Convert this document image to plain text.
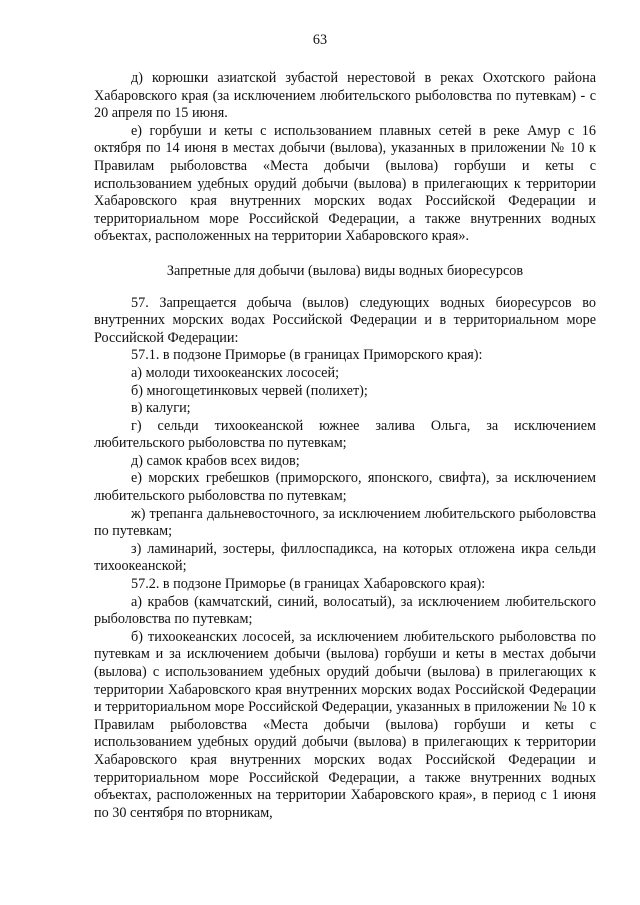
63

д) корюшки азиатской зубастой нерестовой в реках Охотского района Хабаровского края (за исключением любительского рыболовства по путевкам) - с 20 апреля по 15 июня.

е) горбуши и кеты с использованием плавных сетей в реке Амур с 16 октября по 14 июня в местах добычи (вылова), указанных в приложении № 10 к Правилам рыболовства «Места добычи (вылова) горбуши и кеты с использованием удебных орудий добычи (вылова) в прилегающих к территории Хабаровского края внутренних морских водах Российской Федерации и территориальном море Российской Федерации, а также внутренних водных объектах, расположенных на территории Хабаровского края».

Запретные для добычи (вылова) виды водных биоресурсов

57. Запрещается добыча (вылов) следующих водных биоресурсов во внутренних морских водах Российской Федерации и в территориальном море Российской Федерации:

57.1. в подзоне Приморье (в границах Приморского края):

а) молоди тихоокеанских лососей;

б) многощетинковых червей (полихет);

в) калуги;

г) сельди тихоокеанской южнее залива Ольга, за исключением любительского рыболовства по путевкам;

д) самок крабов всех видов;

е) морских гребешков (приморского, японского, свифта), за исключением любительского рыболовства по путевкам;

ж) трепанга дальневосточного, за исключением любительского рыболовства по путевкам;

з) ламинарий, зостеры, филлоспадикса, на которых отложена икра сельди тихоокеанской;

57.2. в подзоне Приморье (в границах Хабаровского края):

а) крабов (камчатский, синий, волосатый), за исключением любительского рыболовства по путевкам;

б) тихоокеанских лососей, за исключением любительского рыболовства по путевкам и за исключением добычи (вылова) горбуши и кеты в местах добычи (вылова) с использованием удебных орудий добычи (вылова) в прилегающих к территории Хабаровского края внутренних морских водах Российской Федерации и территориальном море Российской Федерации, указанных в приложении № 10 к Правилам рыболовства «Места добычи (вылова) горбуши и кеты с использованием удебных орудий добычи (вылова) в прилегающих к территории Хабаровского края внутренних морских водах Российской Федерации и территориальном море Российской Федерации, а также внутренних водных объектах, расположенных на территории Хабаровского края», в период с 1 июня по 30 сентября по вторникам,
